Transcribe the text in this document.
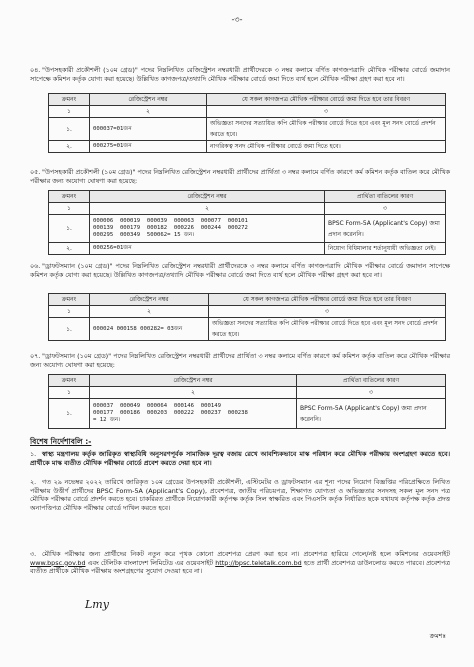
-৩-
০৪. "উপসহকারী প্রকৌশলী (১০ম গ্রেড)" পদের নিম্নলিখিত রেজিস্ট্রেশন নম্বরধারী প্রার্থীদেরকে ৩ নম্বর কলামে বর্ণিত কাগজপত্রাদি মৌখিক পরীক্ষার বোর্ডে জমাদান সাপেক্ষে কমিশন কর্তৃক যোগ্য করা হয়েছে। উল্লিখিত কাগজপত্র/তথ্যাদি মৌখিক পরীক্ষার বোর্ডে জমা দিতে ব্যর্থ হলে মৌখিক পরীক্ষা গ্রহণ করা হবে না।
ক্রমনং	রেজিস্ট্রেশন নম্বর	যে সকল কাগজপত্র মৌখিক পরীক্ষার বোর্ডে জমা দিতে হবে তার বিবরণ
১	২	৩
১.	000037=01জন	অভিজ্ঞতা সনদের সত্যায়িত কপি মৌখিক পরীক্ষার বোর্ডে দিতে হবে এবং মূল সনদ বোর্ডে প্রদর্শন করতে হবে।
২.	000275=01জন	নাগরিকত্ব সনদ মৌখিক পরীক্ষার বোর্ডে জমা দিতে হবে।
০৫. "উপসহকারী প্রকৌশলী (১০ম গ্রেড)" পদের নিম্নলিখিত রেজিস্ট্রেশন নম্বরধারী প্রার্থীদের প্রার্থিতা ৩ নম্বর কলামে বর্ণিত কারণে কর্ম কমিশন কর্তৃক বাতিল করে মৌখিক পরীক্ষার জন্য অযোগ্য ঘোষণা করা হয়েছে:
ক্রমনং	রেজিস্ট্রেশন নম্বর	প্রার্থিতা বাতিলের কারণ
১	২	৩
১.	000006  000019  000039  000063  000077  000101
000139  000179  000182  000226  000244  000272
000295  000349  500062= 15 জন।	BPSC Form-5A (Applicant's Copy) জমা প্রদান করেননি।
২.	000256=01জন	নিয়োগ বিধিমালার শর্তানুযায়ী অভিজ্ঞতা নেই।
০৬. "ড্রাফটসম্যান (১০ম গ্রেড)" পদের নিম্নলিখিত রেজিস্ট্রেশন নম্বরধারী প্রার্থীদেরকে ৩ নম্বর কলামে বর্ণিত কাগজপত্রাদি মৌখিক পরীক্ষার বোর্ডে জমাদান সাপেক্ষে কমিশন কর্তৃক যোগ্য করা হয়েছে। উল্লিখিত কাগজপত্র/তথ্যাদি মৌখিক পরীক্ষার বোর্ডে জমা দিতে ব্যর্থ হলে মৌখিক পরীক্ষা গ্রহণ করা হবে না।
ক্রমনং	রেজিস্ট্রেশন নম্বর	যে সকল কাগজপত্র মৌখিক পরীক্ষার বোর্ডে জমা দিতে হবে তার বিবরণ
১	২	৩
১.	000024 000158 000282= 03জন	অভিজ্ঞতা সনদের সত্যায়িত কপি মৌখিক পরীক্ষার বোর্ডে দিতে হবে এবং মূল সনদ বোর্ডে প্রদর্শন করতে হবে।
০৭. "ড্রাফটসম্যান (১০ম গ্রেড)" পদের নিম্নলিখিত রেজিস্ট্রেশন নম্বরধারী প্রার্থীদের প্রার্থিতা ৩ নম্বর কলামে বর্ণিত কারণে কর্ম কমিশন কর্তৃক বাতিল করে মৌখিক পরীক্ষার জন্য অযোগ্য ঘোষণা করা হয়েছে:
ক্রমনং	রেজিস্ট্রেশন নম্বর	প্রার্থিতা বাতিলের কারণ
১	২	৩
১.	000037  000049  000064  000146  000149
000177  000186  000203  000222  000237  000238
= 12 জন।	BPSC Form-5A (Applicant's Copy) জমা প্রদান করেননি।
বিশেষ নির্দেশাবলি :-
১. স্বাস্থ্য মন্ত্রণালয় কর্তৃক জারিকৃত স্বাস্থ্যবিধি অনুসরণপূর্বক সামাজিক দূরত্ব বজায় রেখে আবশ্যিকভাবে মাস্ক পরিধান করে মৌখিক পরীক্ষায় অংশগ্রহণ করতে হবে। প্রার্থীকে মাস্ক ব্যতীত মৌখিক পরীক্ষার বোর্ডে প্রবেশ করতে দেয়া হবে না।
২. গত ২৯ নভেম্বর ২০২২ তারিখে জারিকৃত ১০ম গ্রেডের উপসহকারী প্রকৌশলী, এস্টিমেটর ও ড্রাফটসম্যান এর শূন্য পদের নিয়োগ বিজ্ঞপ্তির পরিপ্রেক্ষিতে লিখিত পরীক্ষায় উত্তীর্ণ প্রার্থীদের BPSC Form-5A (Applicant's Copy), প্রবেশপত্র, জাতীয় পরিচয়পত্র, শিক্ষাগত যোগ্যতা ও অভিজ্ঞতার সনদসহ সকল মূল সনদ পত্র মৌখিক পরীক্ষার বোর্ডে প্রদর্শন করতে হবে। চাকরিরত প্রার্থীকে নিয়োগকারী কর্তৃপক্ষ কর্তৃক সিল স্বাক্ষরিত এবং পিএসসি কর্তৃক নির্ধারিত ছকে যথাযথ কর্তৃপক্ষ কর্তৃক প্রদত্ত অনাপত্তিপত্র মৌখিক পরীক্ষার বোর্ডে দাখিল করতে হবে।
৩. মৌখিক পরীক্ষার জন্য প্রার্থীদের নিকট নতুন করে পৃথক কোনো প্রবেশপত্র প্রেরণ করা হবে না। প্রবেশপত্র হারিয়ে গেলে/নষ্ট হলে কমিশনের ওয়েবসাইট www.bpsc.gov.bd এবং টেলিটক বাংলাদেশ লিমিটেড এর ওয়েবসাইট http://bpsc.teletalk.com.bd হতে প্রার্থী প্রবেশপত্র ডাউনলোড করতে পারবে। প্রবেশপত্র ব্যতীত প্রার্থীকে মৌখিক পরীক্ষায় অংশগ্রহণের সুযোগ দেওয়া হবে না।
Lmy
ক্রমশঃ
